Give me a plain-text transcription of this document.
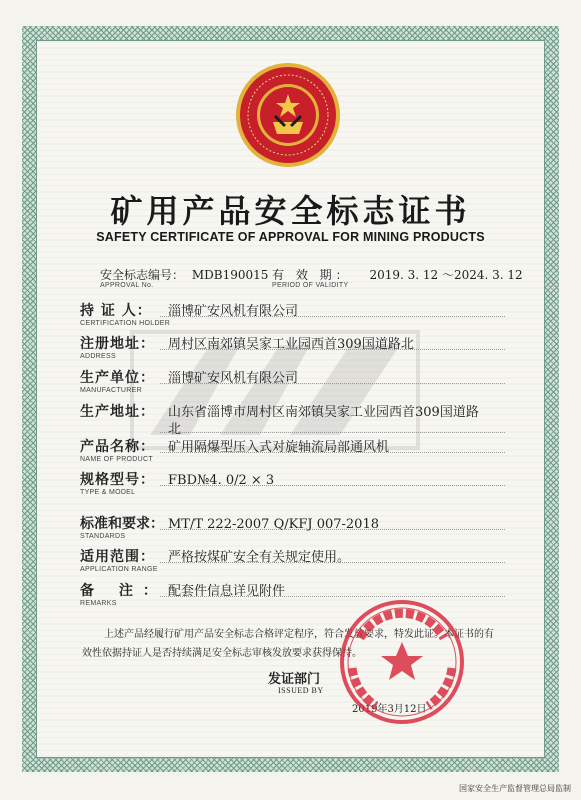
矿用产品安全标志证书
SAFETY CERTIFICATE OF APPROVAL FOR MINING PRODUCTS
安全标志编号： MDB190015
APPROVAL No.
有 效 期： 2019. 3. 12 ～2024. 3. 12
PERIOD OF VALIDITY
持 证 人： 淄博矿安风机有限公司
CERTIFICATION HOLDER
注册地址： 周村区南郊镇吴家工业园西首309国道路北
ADDRESS
生产单位： 淄博矿安风机有限公司
MANUFACTURER
生产地址： 山东省淄博市周村区南郊镇吴家工业园西首309国道路
北
产品名称： 矿用隔爆型压入式对旋轴流局部通风机
NAME OF PRODUCT
规格型号： FBD№4. 0/2 × 3
TYPE & MODEL
标准和要求： MT/T 222-2007 Q/KFJ 007-2018
STANDARDS
适用范围： 严格按煤矿安全有关规定使用。
APPLICATION RANGE
备 注：配套件信息详见附件
REMARKS
上述产品经履行矿用产品安全标志合格评定程序，符合发放要求，特发此证。本证书的有效性依据持证人是否持续满足安全标志审核发放要求获得保持。
发证部门
ISSUED BY
2019年3月12日
国家安全生产监督管理总局监制
